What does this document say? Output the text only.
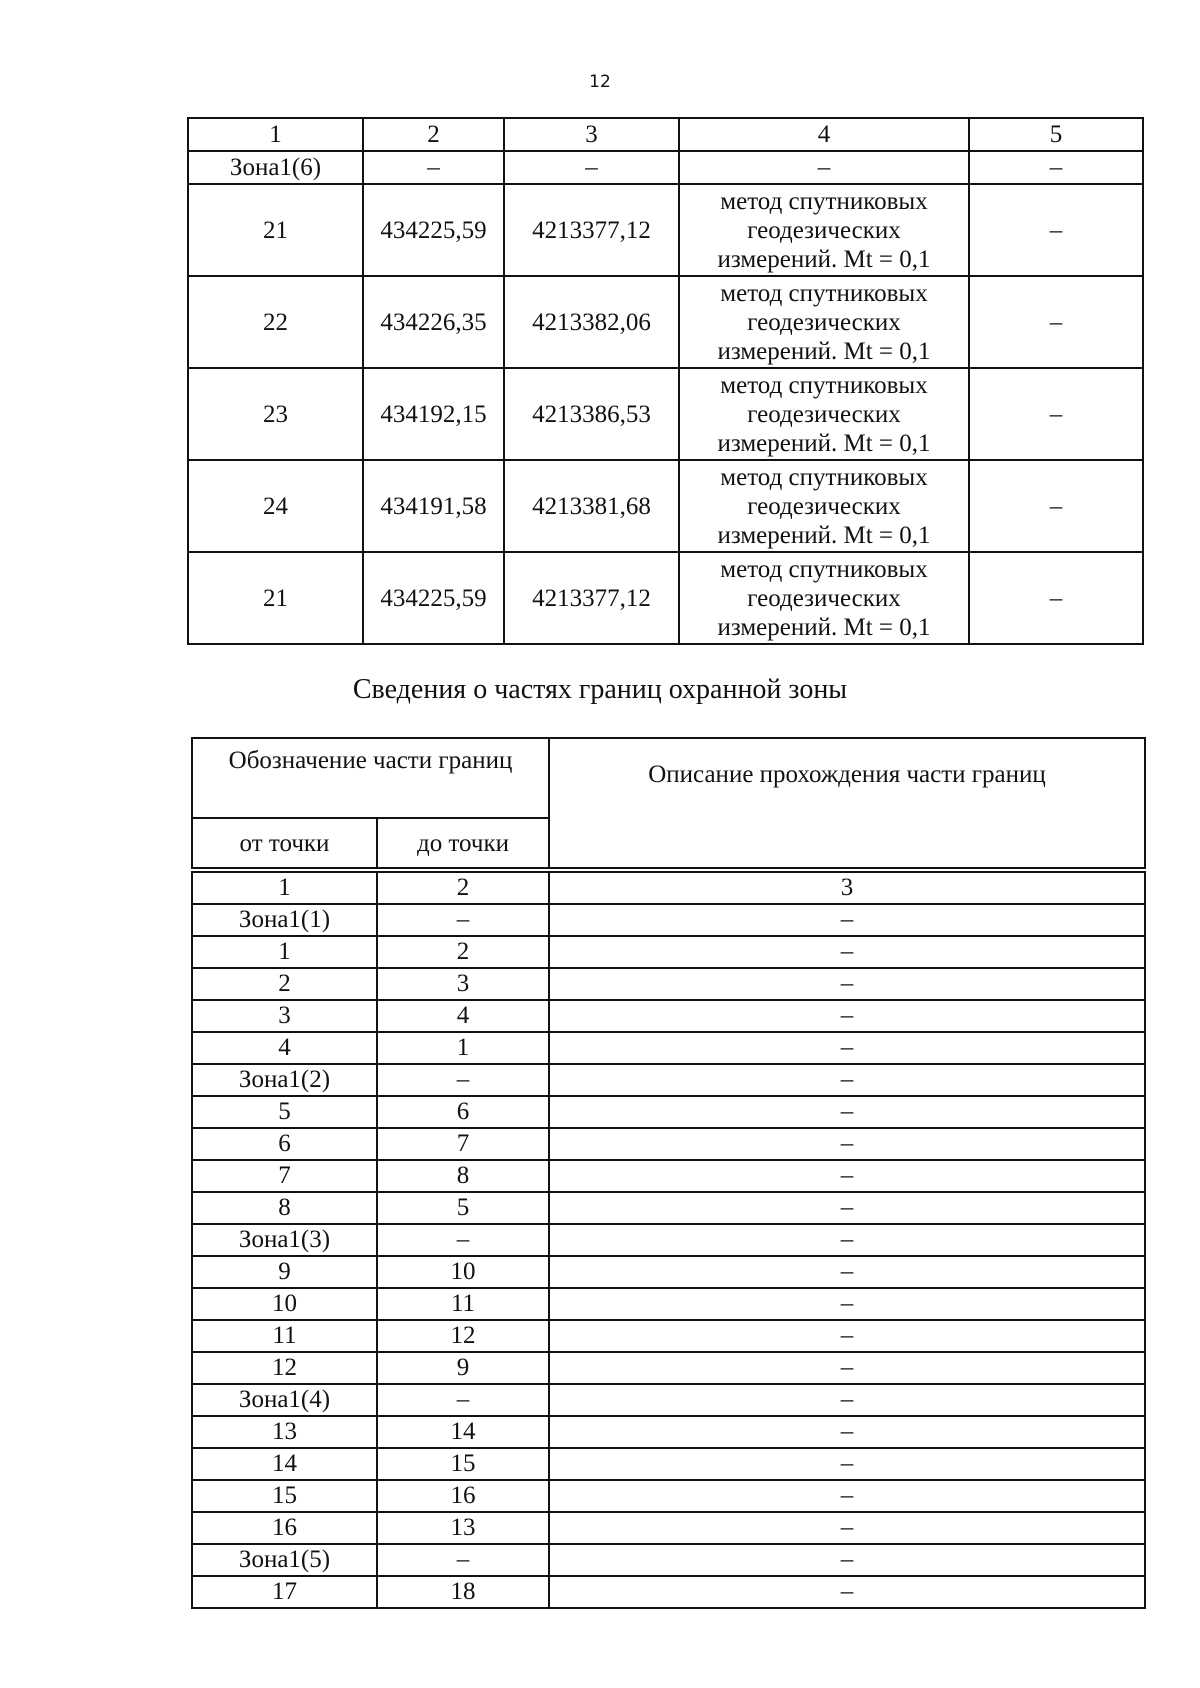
12
1	2	3	4	5
Зона1(6)	–	–	–	–
21	434225,59	4213377,12	метод спутниковых
геодезических
измерений. Mt = 0,1	–
22	434226,35	4213382,06	метод спутниковых
геодезических
измерений. Mt = 0,1	–
23	434192,15	4213386,53	метод спутниковых
геодезических
измерений. Mt = 0,1	–
24	434191,58	4213381,68	метод спутниковых
геодезических
измерений. Mt = 0,1	–
21	434225,59	4213377,12	метод спутниковых
геодезических
измерений. Mt = 0,1	–
Сведения о частях границ охранной зоны
Обозначение части границ		Описание прохождения части границ
от точки	до точки	

1	2	3
Зона1(1)	–	–
1	2	–
2	3	–
3	4	–
4	1	–
Зона1(2)	–	–
5	6	–
6	7	–
7	8	–
8	5	–
Зона1(3)	–	–
9	10	–
10	11	–
11	12	–
12	9	–
Зона1(4)	–	–
13	14	–
14	15	–
15	16	–
16	13	–
Зона1(5)	–	–
17	18	–
